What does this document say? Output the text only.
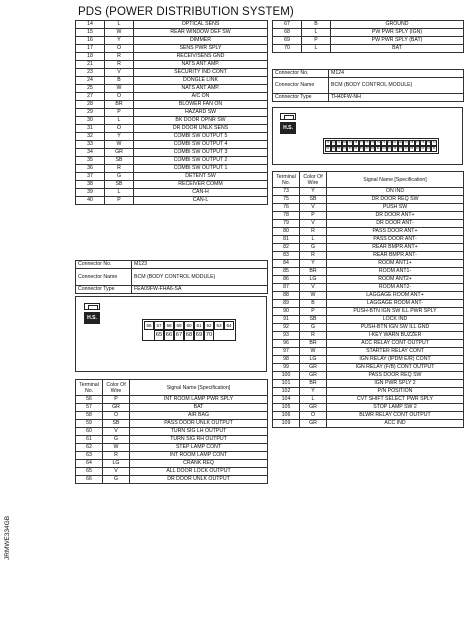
PDS (POWER DISTRIBUTION SYSTEM)
14	L	OPTICAL SENS
15	W	REAR WINDOW DEF SW
16	Y	DIMMER
17	O	SENS PWR SPLY
18	R	RECEIV/SENS GND
21	R	NATS ANT AMP.
23	V	SECURITY IND CONT
24	B	DONGLE LINK
25	W	NATS ANT AMP.
27	O	A/C ON
28	BR	BLOWER FAN ON
29	P	HAZARD SW
30	L	BK DOOR OPNR SW
31	O	DR DOOR UNLK SENS
32	Y	COMBI SW OUTPUT 5
33	W	COMBI SW OUTPUT 4
34	GR	COMBI SW OUTPUT 3
35	SB	COMBI SW OUTPUT 2
36	R	COMBI SW OUTPUT 1
37	G	DETENT SW
38	SB	RECEIVER COMM
39	L	CAN-H
40	P	CAN-L
67	B	GROUND
68	L	PW PWR SPLY (IGN)
69	P	PW PWR SPLY (BAT)
70	L	BAT
Connector No.	M124
Connector Name	BCM (BODY CONTROL MODULE)
Connector Type	TH40FW-NH
H.S.
73	72	71	80	79	78	77	76	75	74	73	72	81	80	79	78	77	76	75	74
90	89	88	87	86	85	84	83	82	81 100 99	98	97	96	95	94	93	92	91
Terminal No.	Color Of Wire	Signal Name [Specification]
73	Y	ON IND
75	SB	DR DOOR REQ SW
76	V	PUSH SW
78	P	DR DOOR ANT+
79	V	DR DOOR ANT-
80	R	PASS DOOR ANT+
81	L	PASS DOOR ANT-
82	G	REAR BMPR ANT+
83	R	REAR BMPR ANT-
84	Y	ROOM ANT1+
85	BR	ROOM ANT1-
86	LG	ROOM ANT2+
87	V	ROOM ANT2-
88	W	LAGGAGE ROOM ANT+
89	B	LAGGAGE ROOM ANT-
90	P	PUSH-BTN IGN SW ILL PWR SPLY
91	SB	LOCK IND
92	G	PUSH-BTN IGN SW ILL GND
93	R	I-KEY WARN BUZZER
96	BR	ACC RELAY CONT OUTPUT
97	W	STARTER RELAY CONT
98	LG	IGN RELAY (IPDM E/R) CONT
99	GR	IGN RELAY (F/B) CONT OUTPUT
100	GR	PASS DOOR REQ SW
101	BR	IGN PWR SPLY 2
102	Y	P/N POSITION
104	L	CVT SHIFT SELECT PWR SPLY
105	GR	STOP LAMP SW 2
106	O	BLWR RELAY CONT OUTPUT
109	GR	ACC IND
Connector No.	M123
Connector Name	BCM (BODY CONTROL MODULE)
Connector Type	FEA09FW-FHA6-SA
H.S.
56	57	58	59	60	61	62	63	64
65 66 67 68 69 70
Terminal No.	Color Of Wire	Signal Name [Specification]
56	P	INT ROOM LAMP PWR SPLY
57	GR	BAT
58	O	AIR BAG
59	SB	PASS DOOR UNLK OUTPUT
60	V	TURN SIG LH OUTPUT
61	G	TURN SIG RH OUTPUT
62	W	STEP LAMP CONT
63	R	INT ROOM LAMP CONT
64	LG	CRANK REQ
65	V	ALL DOOR LOCK OUTPUT
66	G	DR DOOR UNLK OUTPUT
JRMWE334GB
